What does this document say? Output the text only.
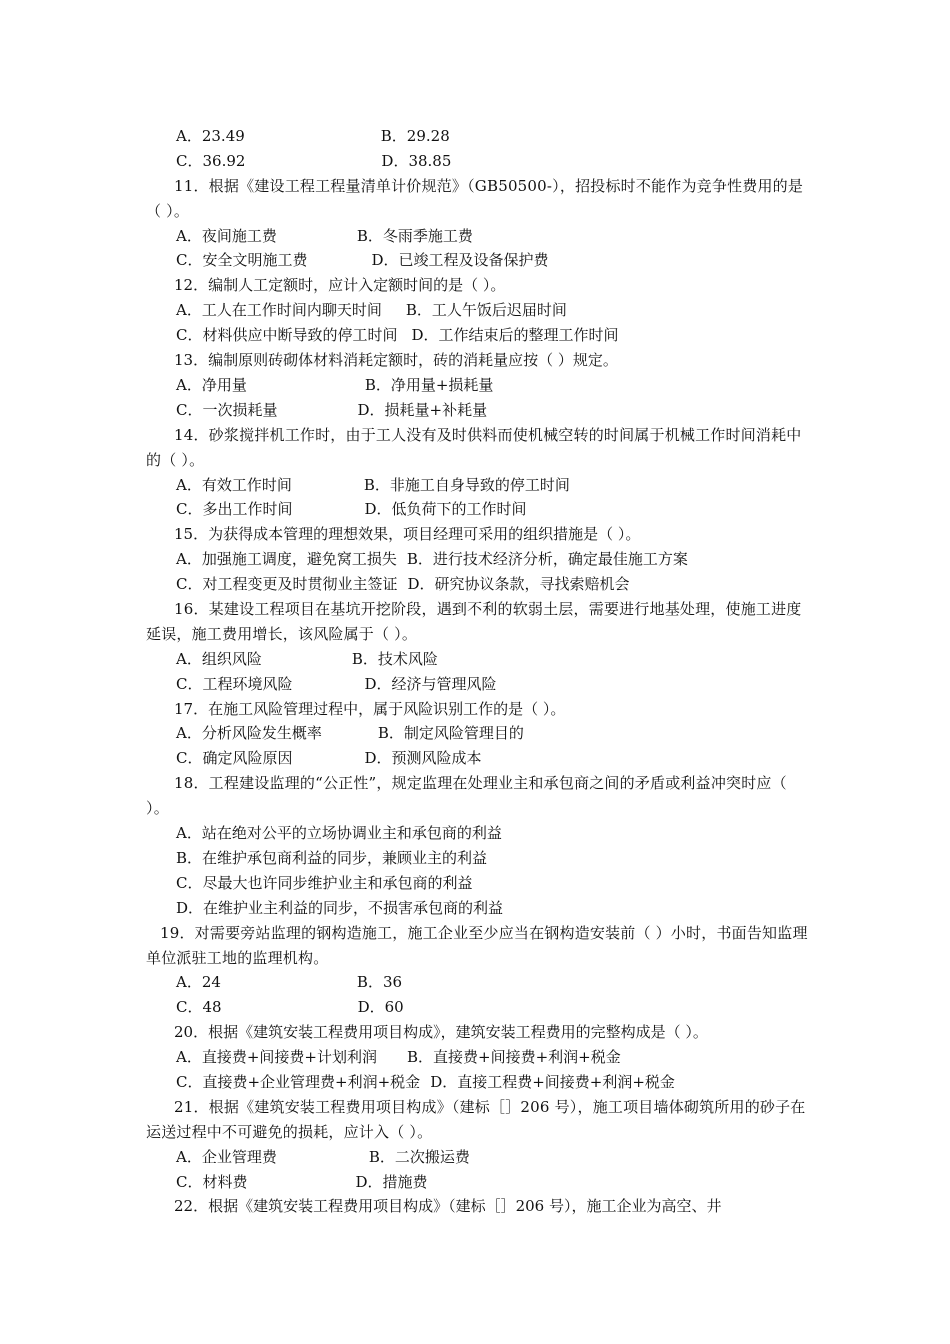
A．23.49	B．29.28
C．36.92	D．38.85
11．根据《建设工程工程量清单计价规范》（GB50500-），招投标时不能作为竞争性费用的是（ ）。
A．夜间施工费	B．冬雨季施工费
C．安全文明施工费	D．已竣工程及设备保护费
12．编制人工定额时，应计入定额时间的是（ ）。
A．工人在工作时间内聊天时间 B．工人午饭后迟届时间
C．材料供应中断导致的停工时间 D．工作结束后的整理工作时间
13．编制原则砖砌体材料消耗定额时，砖的消耗量应按（ ）规定。
A．净用量	B．净用量+损耗量
C．一次损耗量	D．损耗量+补耗量
14．砂浆搅拌机工作时，由于工人没有及时供料而使机械空转的时间属于机械工作时间消耗中的（ ）。
A．有效工作时间	B．非施工自身导致的停工时间
C．多出工作时间	D．低负荷下的工作时间
15．为获得成本管理的理想效果，项目经理可采用的组织措施是（ ）。
A．加强施工调度，避免窝工损失 B．进行技术经济分析，确定最佳施工方案
C．对工程变更及时贯彻业主签证 D．研究协议条款，寻找索赔机会
16．某建设工程项目在基坑开挖阶段，遇到不利的软弱土层，需要进行地基处理，使施工进度延误，施工费用增长，该风险属于（ ）。
A．组织风险	B．技术风险
C．工程环境风险	D．经济与管理风险
17．在施工风险管理过程中，属于风险识别工作的是（ ）。
A．分析风险发生概率	B．制定风险管理目的
C．确定风险原因	D．预测风险成本
18．工程建设监理的“公正性”，规定监理在处理业主和承包商之间的矛盾或利益冲突时应（ ）。
A．站在绝对公平的立场协调业主和承包商的利益
B．在维护承包商利益的同步，兼顾业主的利益
C．尽最大也许同步维护业主和承包商的利益
D．在维护业主利益的同步，不损害承包商的利益
19．对需要旁站监理的钢构造施工，施工企业至少应当在钢构造安装前（ ）小时，书面告知监理单位派驻工地的监理机构。
A．24	B．36
C．48	D．60
20．根据《建筑安装工程费用项目构成》，建筑安装工程费用的完整构成是（ ）。
A．直接费+间接费+计划利润 B．直接费+间接费+利润+税金
C．直接费+企业管理费+利润+税金 D．直接工程费+间接费+利润+税金
21．根据《建筑安装工程费用项目构成》（建标［］206 号），施工项目墙体砌筑所用的砂子在运送过程中不可避免的损耗，应计入（ ）。
A．企业管理费	B．二次搬运费
C．材料费	D．措施费
22．根据《建筑安装工程费用项目构成》（建标［］206 号），施工企业为高空、井
